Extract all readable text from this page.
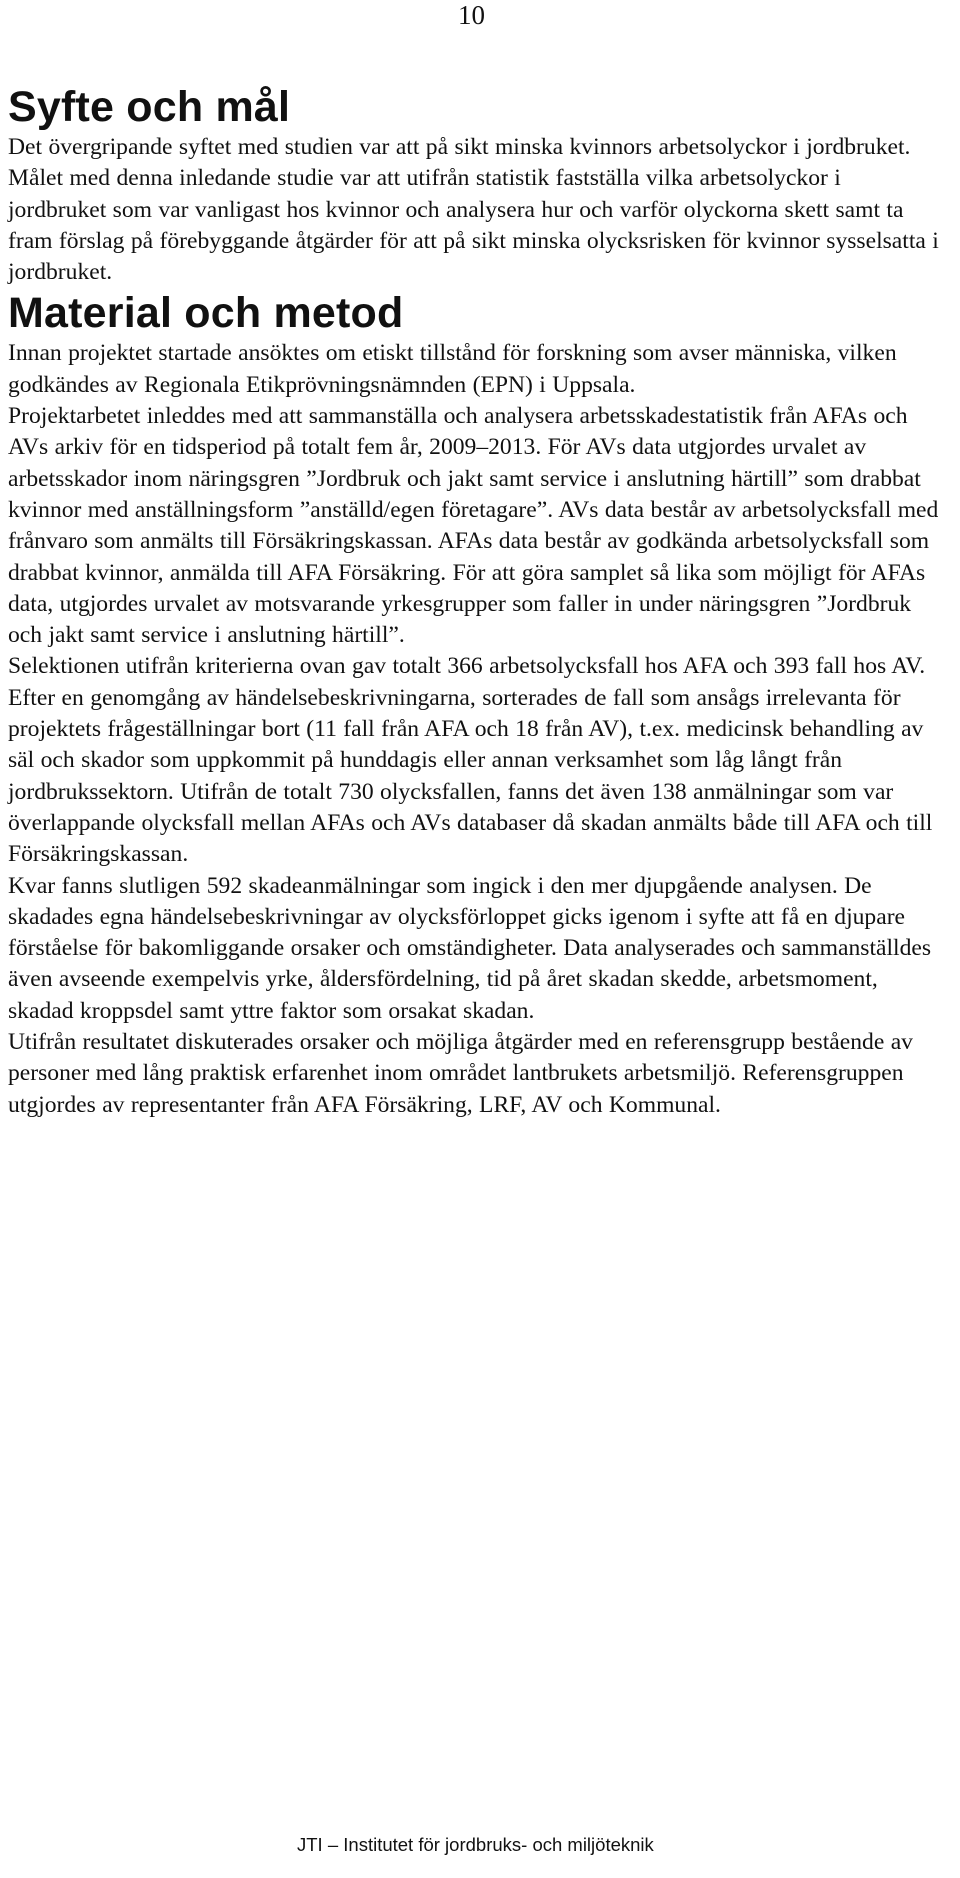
10
Syfte och mål

Det övergripande syftet med studien var att på sikt minska kvinnors arbetsolyckor i jordbruket. Målet med denna inledande studie var att utifrån statistik fastställa vilka arbetsolyckor i jordbruket som var vanligast hos kvinnor och analysera hur och varför olyckorna skett samt ta fram förslag på förebyggande åtgärder för att på sikt minska olycksrisken för kvinnor sysselsatta i jordbruket.

Material och metod

Innan projektet startade ansöktes om etiskt tillstånd för forskning som avser människa, vilken godkändes av Regionala Etikprövningsnämnden (EPN) i Uppsala.

Projektarbetet inleddes med att sammanställa och analysera arbetsskadestatistik från AFAs och AVs arkiv för en tidsperiod på totalt fem år, 2009–2013. För AVs data utgjordes urvalet av arbetsskador inom näringsgren ”Jordbruk och jakt samt service i anslutning härtill” som drabbat kvinnor med anställningsform ”anställd/egen företagare”. AVs data består av arbetsolycksfall med frånvaro som anmälts till Försäkringskassan. AFAs data består av godkända arbetsolycksfall som drabbat kvinnor, anmälda till AFA Försäkring. För att göra samplet så lika som möjligt för AFAs data, utgjordes urvalet av motsvarande yrkesgrupper som faller in under näringsgren ”Jordbruk och jakt samt service i anslutning härtill”.

Selektionen utifrån kriterierna ovan gav totalt 366 arbetsolycksfall hos AFA och 393 fall hos AV. Efter en genomgång av händelsebeskrivningarna, sorterades de fall som ansågs irrelevanta för projektets frågeställningar bort (11 fall från AFA och 18 från AV), t.ex. medicinsk behandling av säl och skador som uppkommit på hunddagis eller annan verksamhet som låg långt från jordbrukssektorn. Utifrån de totalt 730 olycksfallen, fanns det även 138 anmälningar som var överlappande olycksfall mellan AFAs och AVs databaser då skadan anmälts både till AFA och till Försäkringskassan.

Kvar fanns slutligen 592 skadeanmälningar som ingick i den mer djupgående analysen. De skadades egna händelsebeskrivningar av olycksförloppet gicks igenom i syfte att få en djupare förståelse för bakomliggande orsaker och omständigheter. Data analyserades och sammanställdes även avseende exempelvis yrke, åldersfördelning, tid på året skadan skedde, arbetsmoment, skadad kroppsdel samt yttre faktor som orsakat skadan.

Utifrån resultatet diskuterades orsaker och möjliga åtgärder med en referensgrupp bestående av personer med lång praktisk erfarenhet inom området lantbrukets arbetsmiljö. Referensgruppen utgjordes av representanter från AFA Försäkring, LRF, AV och Kommunal.

JTI – Institutet för jordbruks- och miljöteknik
